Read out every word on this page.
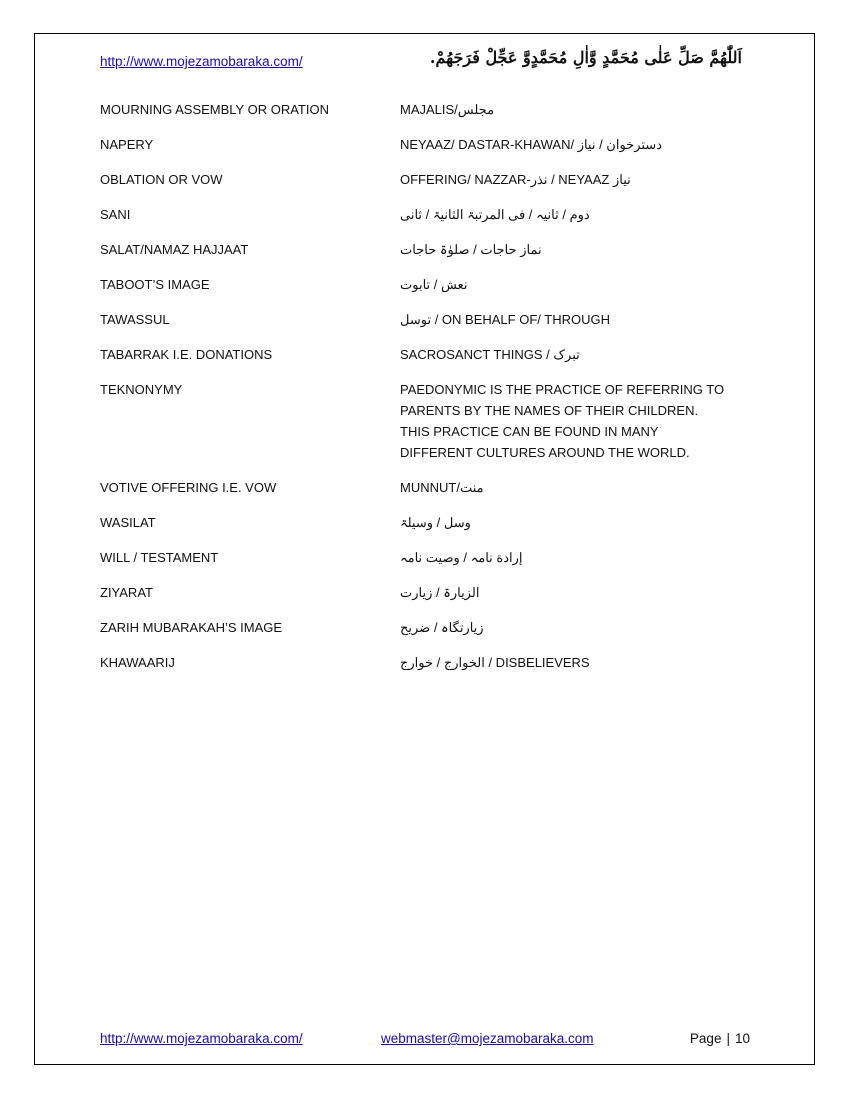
http://www.mojezamobaraka.com/	اَللّٰهُمَّ صَلِّ عَلٰى مُحَمَّدٍ وَّاٰلِ مُحَمَّدٍوَّ عَجِّلْ فَرَجَهُمْ.
MOURNING ASSEMBLY OR ORATION	MAJALIS/مجلس
NAPERY	NEYAAZ/ DASTAR-KHAWAN/ دسترخوان / نیاز
OBLATION OR VOW	OFFERING/ NAZZAR-نذر / NEYAAZ نیاز
SANI	دوم / ثانیہ / فی المرتبۃ الثانیۃ / ثانی
SALAT/NAMAZ HAJJAAT	نماز حاجات / صلوٰۃ حاجات
TABOOT’S IMAGE	نعش / تابوت
TAWASSUL	توسل / ON BEHALF OF/ THROUGH
TABARRAK I.E. DONATIONS	SACROSANCT THINGS / تبرک
TEKNONYMY	PAEDONYMIC IS THE PRACTICE OF REFERRING TO PARENTS BY THE NAMES OF THEIR CHILDREN. THIS PRACTICE CAN BE FOUND IN MANY DIFFERENT CULTURES AROUND THE WORLD.
VOTIVE OFFERING I.E. VOW	MUNNUT/منت
WASILAT	وسل / وسیلۃ
WILL / TESTAMENT	إرادة نامہ / وصیت نامہ
ZIYARAT	الزیارۃ / زیارت
ZARIH MUBARAKAH’S IMAGE	زیارتگاہ / ضریح
KHAWAARIJ	الخوارج / خوارج / DISBELIEVERS
http://www.mojezamobaraka.com/	webmaster@mojezamobaraka.com	Page | 10
